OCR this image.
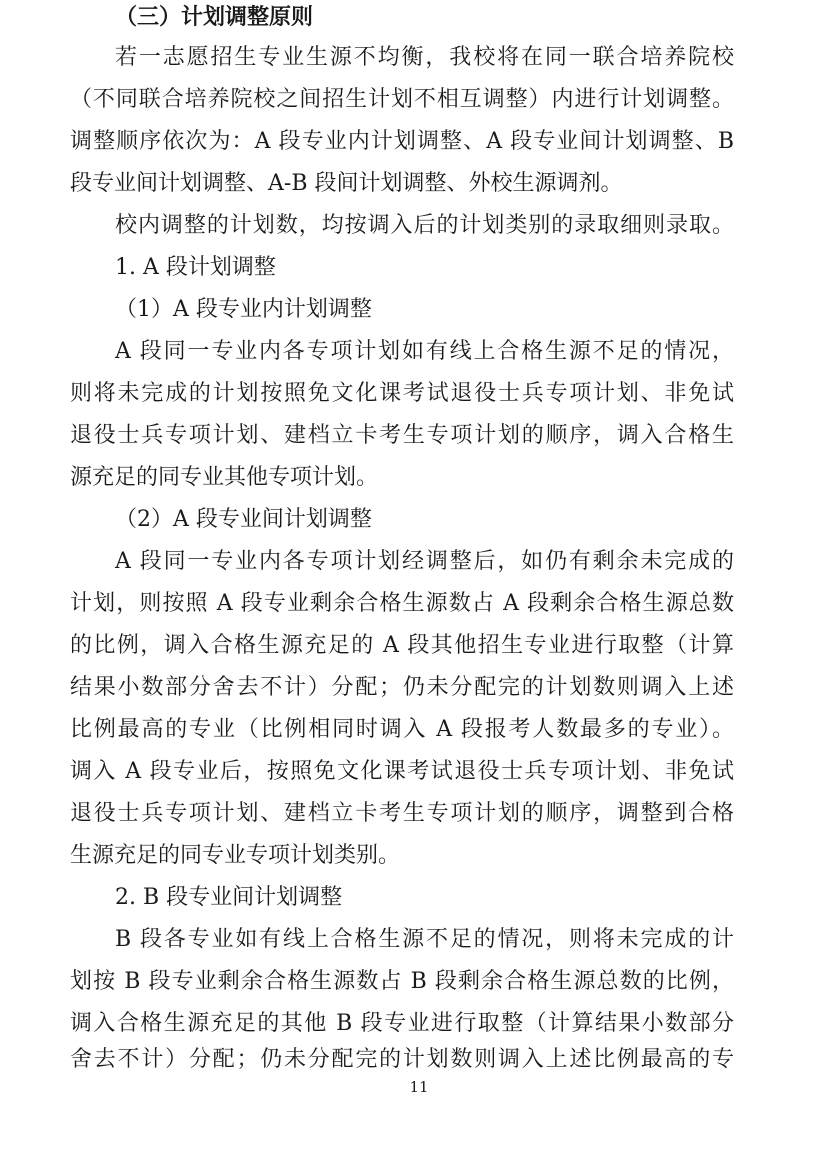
（三）计划调整原则
若一志愿招生专业生源不均衡，我校将在同一联合培养院校
（不同联合培养院校之间招生计划不相互调整）内进行计划调整。
调整顺序依次为：A 段专业内计划调整、A 段专业间计划调整、B
段专业间计划调整、A-B 段间计划调整、外校生源调剂。
校内调整的计划数，均按调入后的计划类别的录取细则录取。
1. A 段计划调整
（1）A 段专业内计划调整
A 段同一专业内各专项计划如有线上合格生源不足的情况，
则将未完成的计划按照免文化课考试退役士兵专项计划、非免试
退役士兵专项计划、建档立卡考生专项计划的顺序，调入合格生
源充足的同专业其他专项计划。
（2）A 段专业间计划调整
A 段同一专业内各专项计划经调整后，如仍有剩余未完成的
计划，则按照 A 段专业剩余合格生源数占 A 段剩余合格生源总数
的比例，调入合格生源充足的 A 段其他招生专业进行取整（计算
结果小数部分舍去不计）分配；仍未分配完的计划数则调入上述
比例最高的专业（比例相同时调入 A 段报考人数最多的专业）。
调入 A 段专业后，按照免文化课考试退役士兵专项计划、非免试
退役士兵专项计划、建档立卡考生专项计划的顺序，调整到合格
生源充足的同专业专项计划类别。
2. B 段专业间计划调整
B 段各专业如有线上合格生源不足的情况，则将未完成的计
划按 B 段专业剩余合格生源数占 B 段剩余合格生源总数的比例，
调入合格生源充足的其他 B 段专业进行取整（计算结果小数部分
舍去不计）分配；仍未分配完的计划数则调入上述比例最高的专
11
